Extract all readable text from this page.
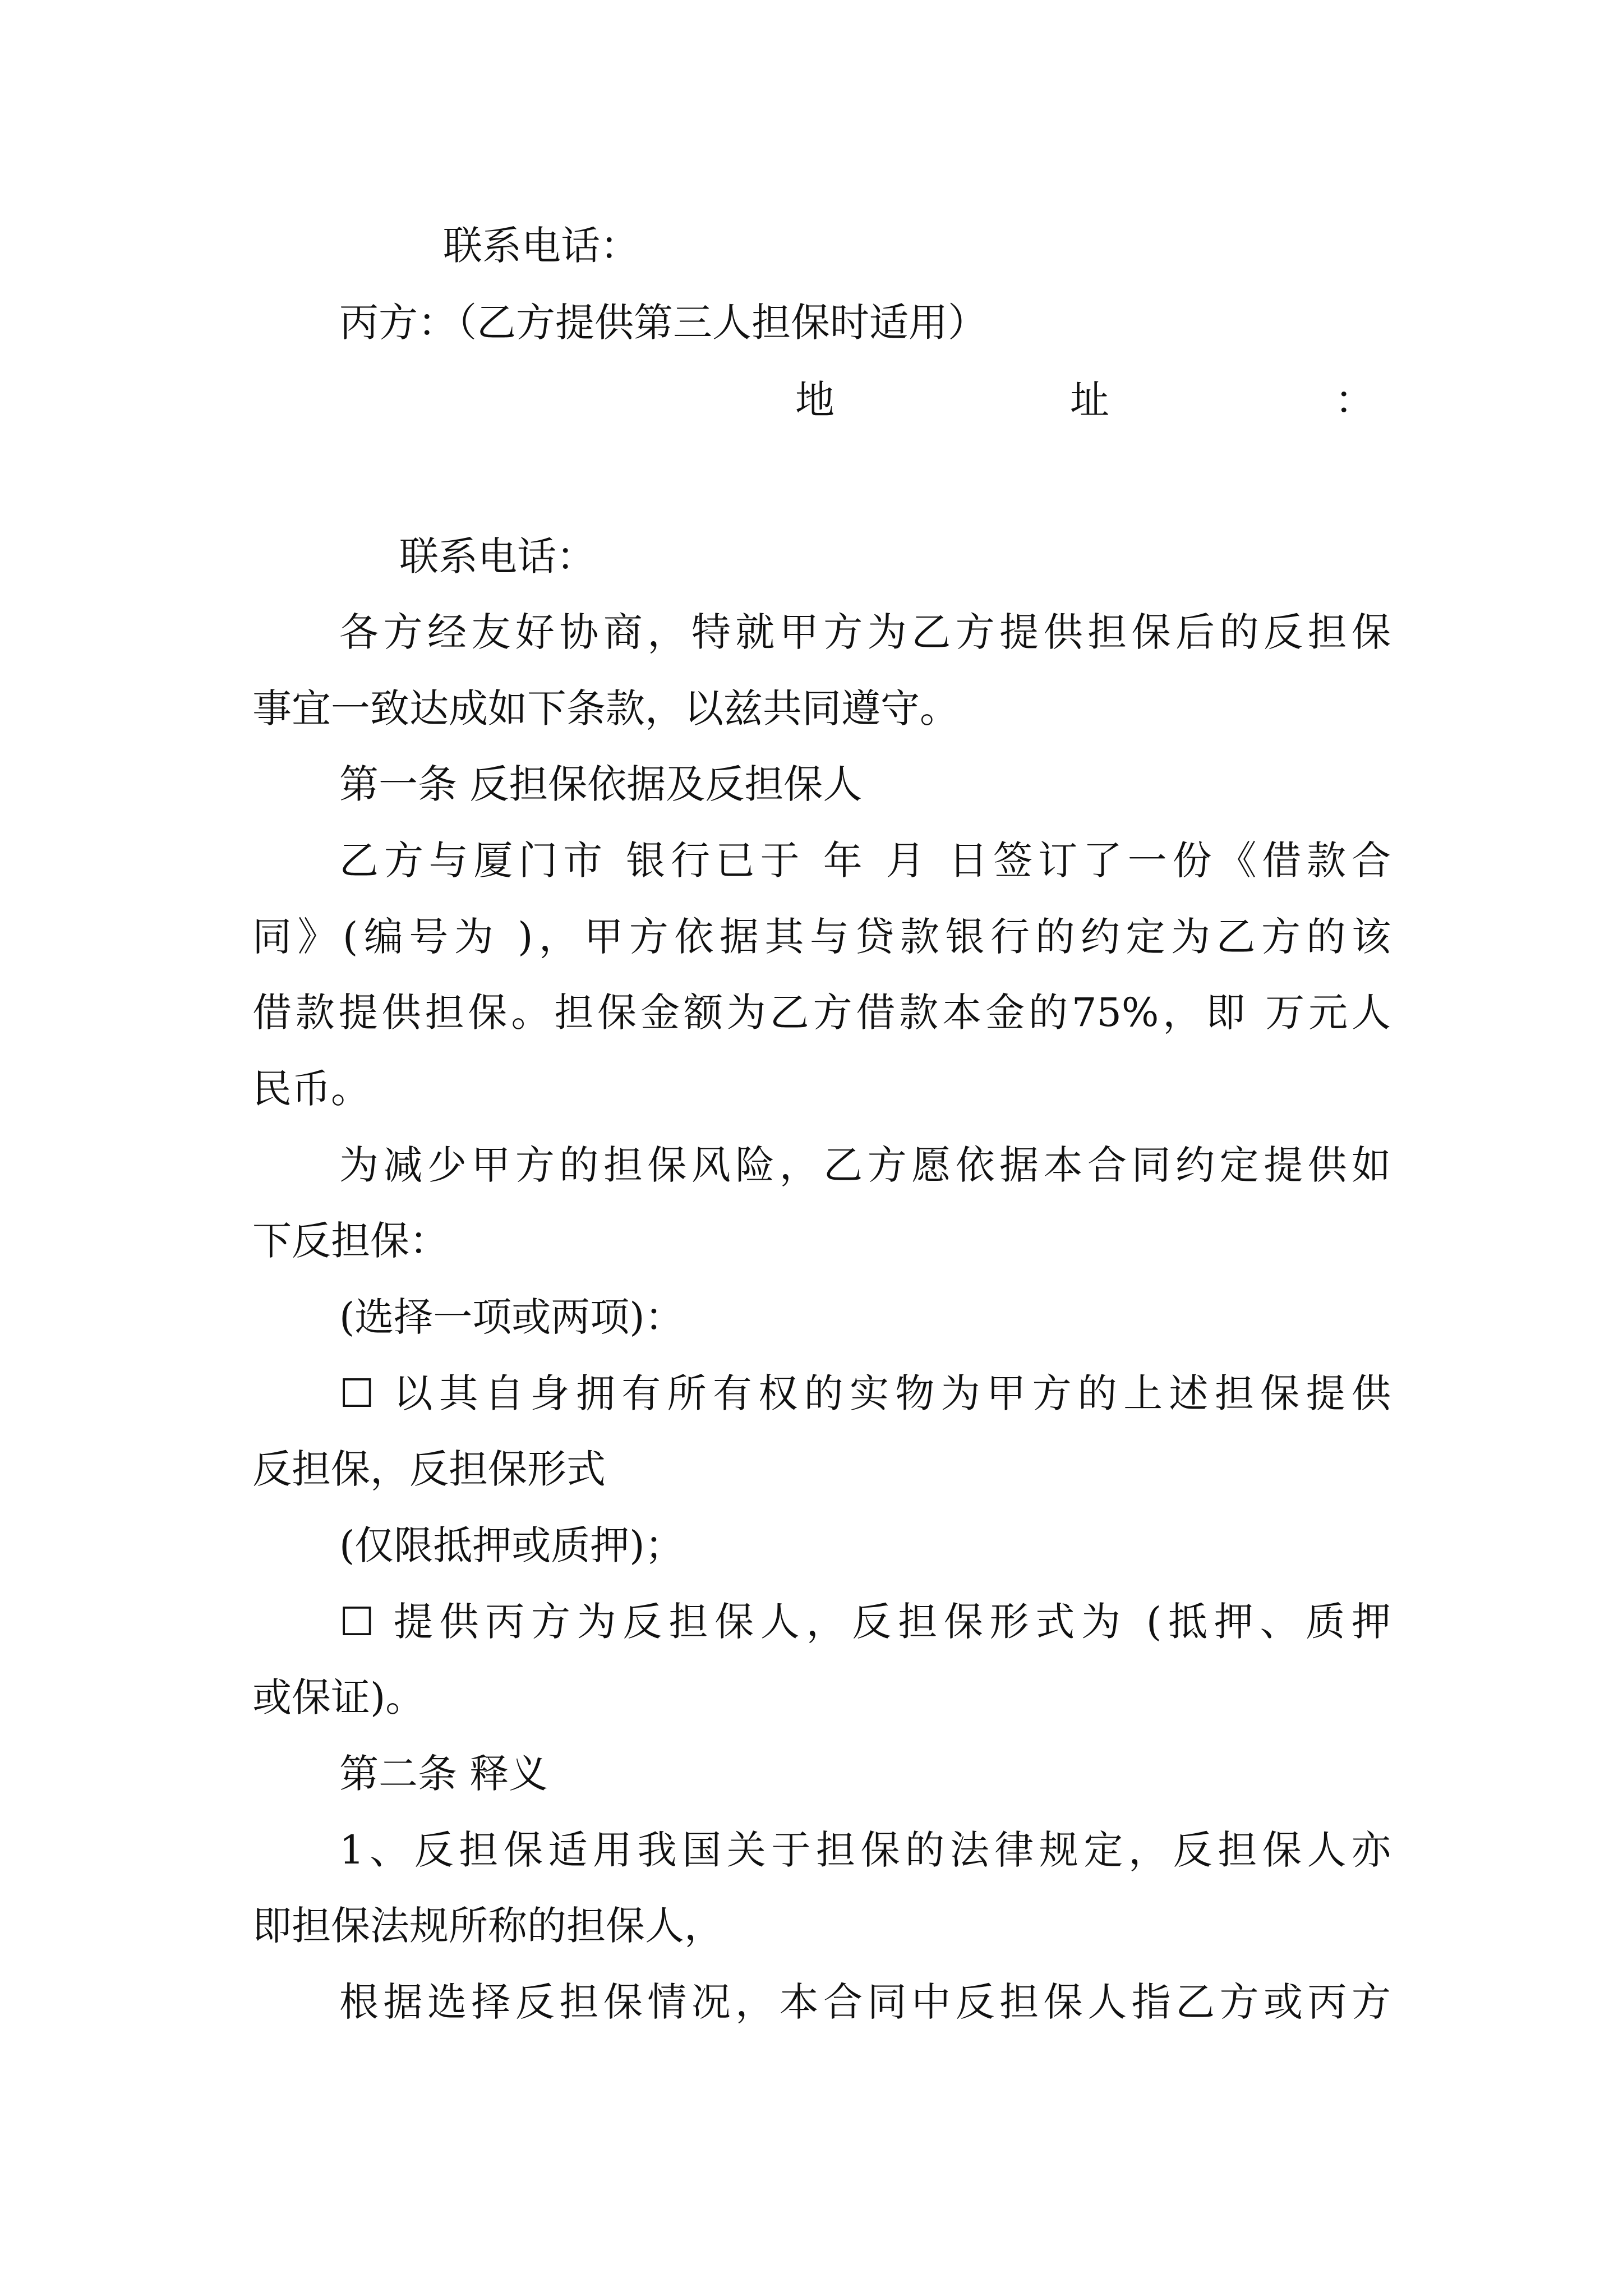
联系电话：
丙方：（乙方提供第三人担保时适用）
地	址	：
联系电话：
各方经友好协商，特就甲方为乙方提供担保后的反担保
事宜一致达成如下条款，以兹共同遵守。
第一条 反担保依据及反担保人
乙方与厦门市 银行已于 年 月 日签订了一份《借款合
同》(编号为 )，甲方依据其与贷款银行的约定为乙方的该
借款提供担保。担保金额为乙方借款本金的75%，即 万元人
民币。
为减少甲方的担保风险，乙方愿依据本合同约定提供如
下反担保：
(选择一项或两项)：
☐ 以其自身拥有所有权的实物为甲方的上述担保提供
反担保，反担保形式
(仅限抵押或质押)；
☐ 提供丙方为反担保人，反担保形式为 (抵押、质押
或保证)。
第二条 释义
1、反担保适用我国关于担保的法律规定，反担保人亦
即担保法规所称的担保人，
根据选择反担保情况，本合同中反担保人指乙方或丙方
